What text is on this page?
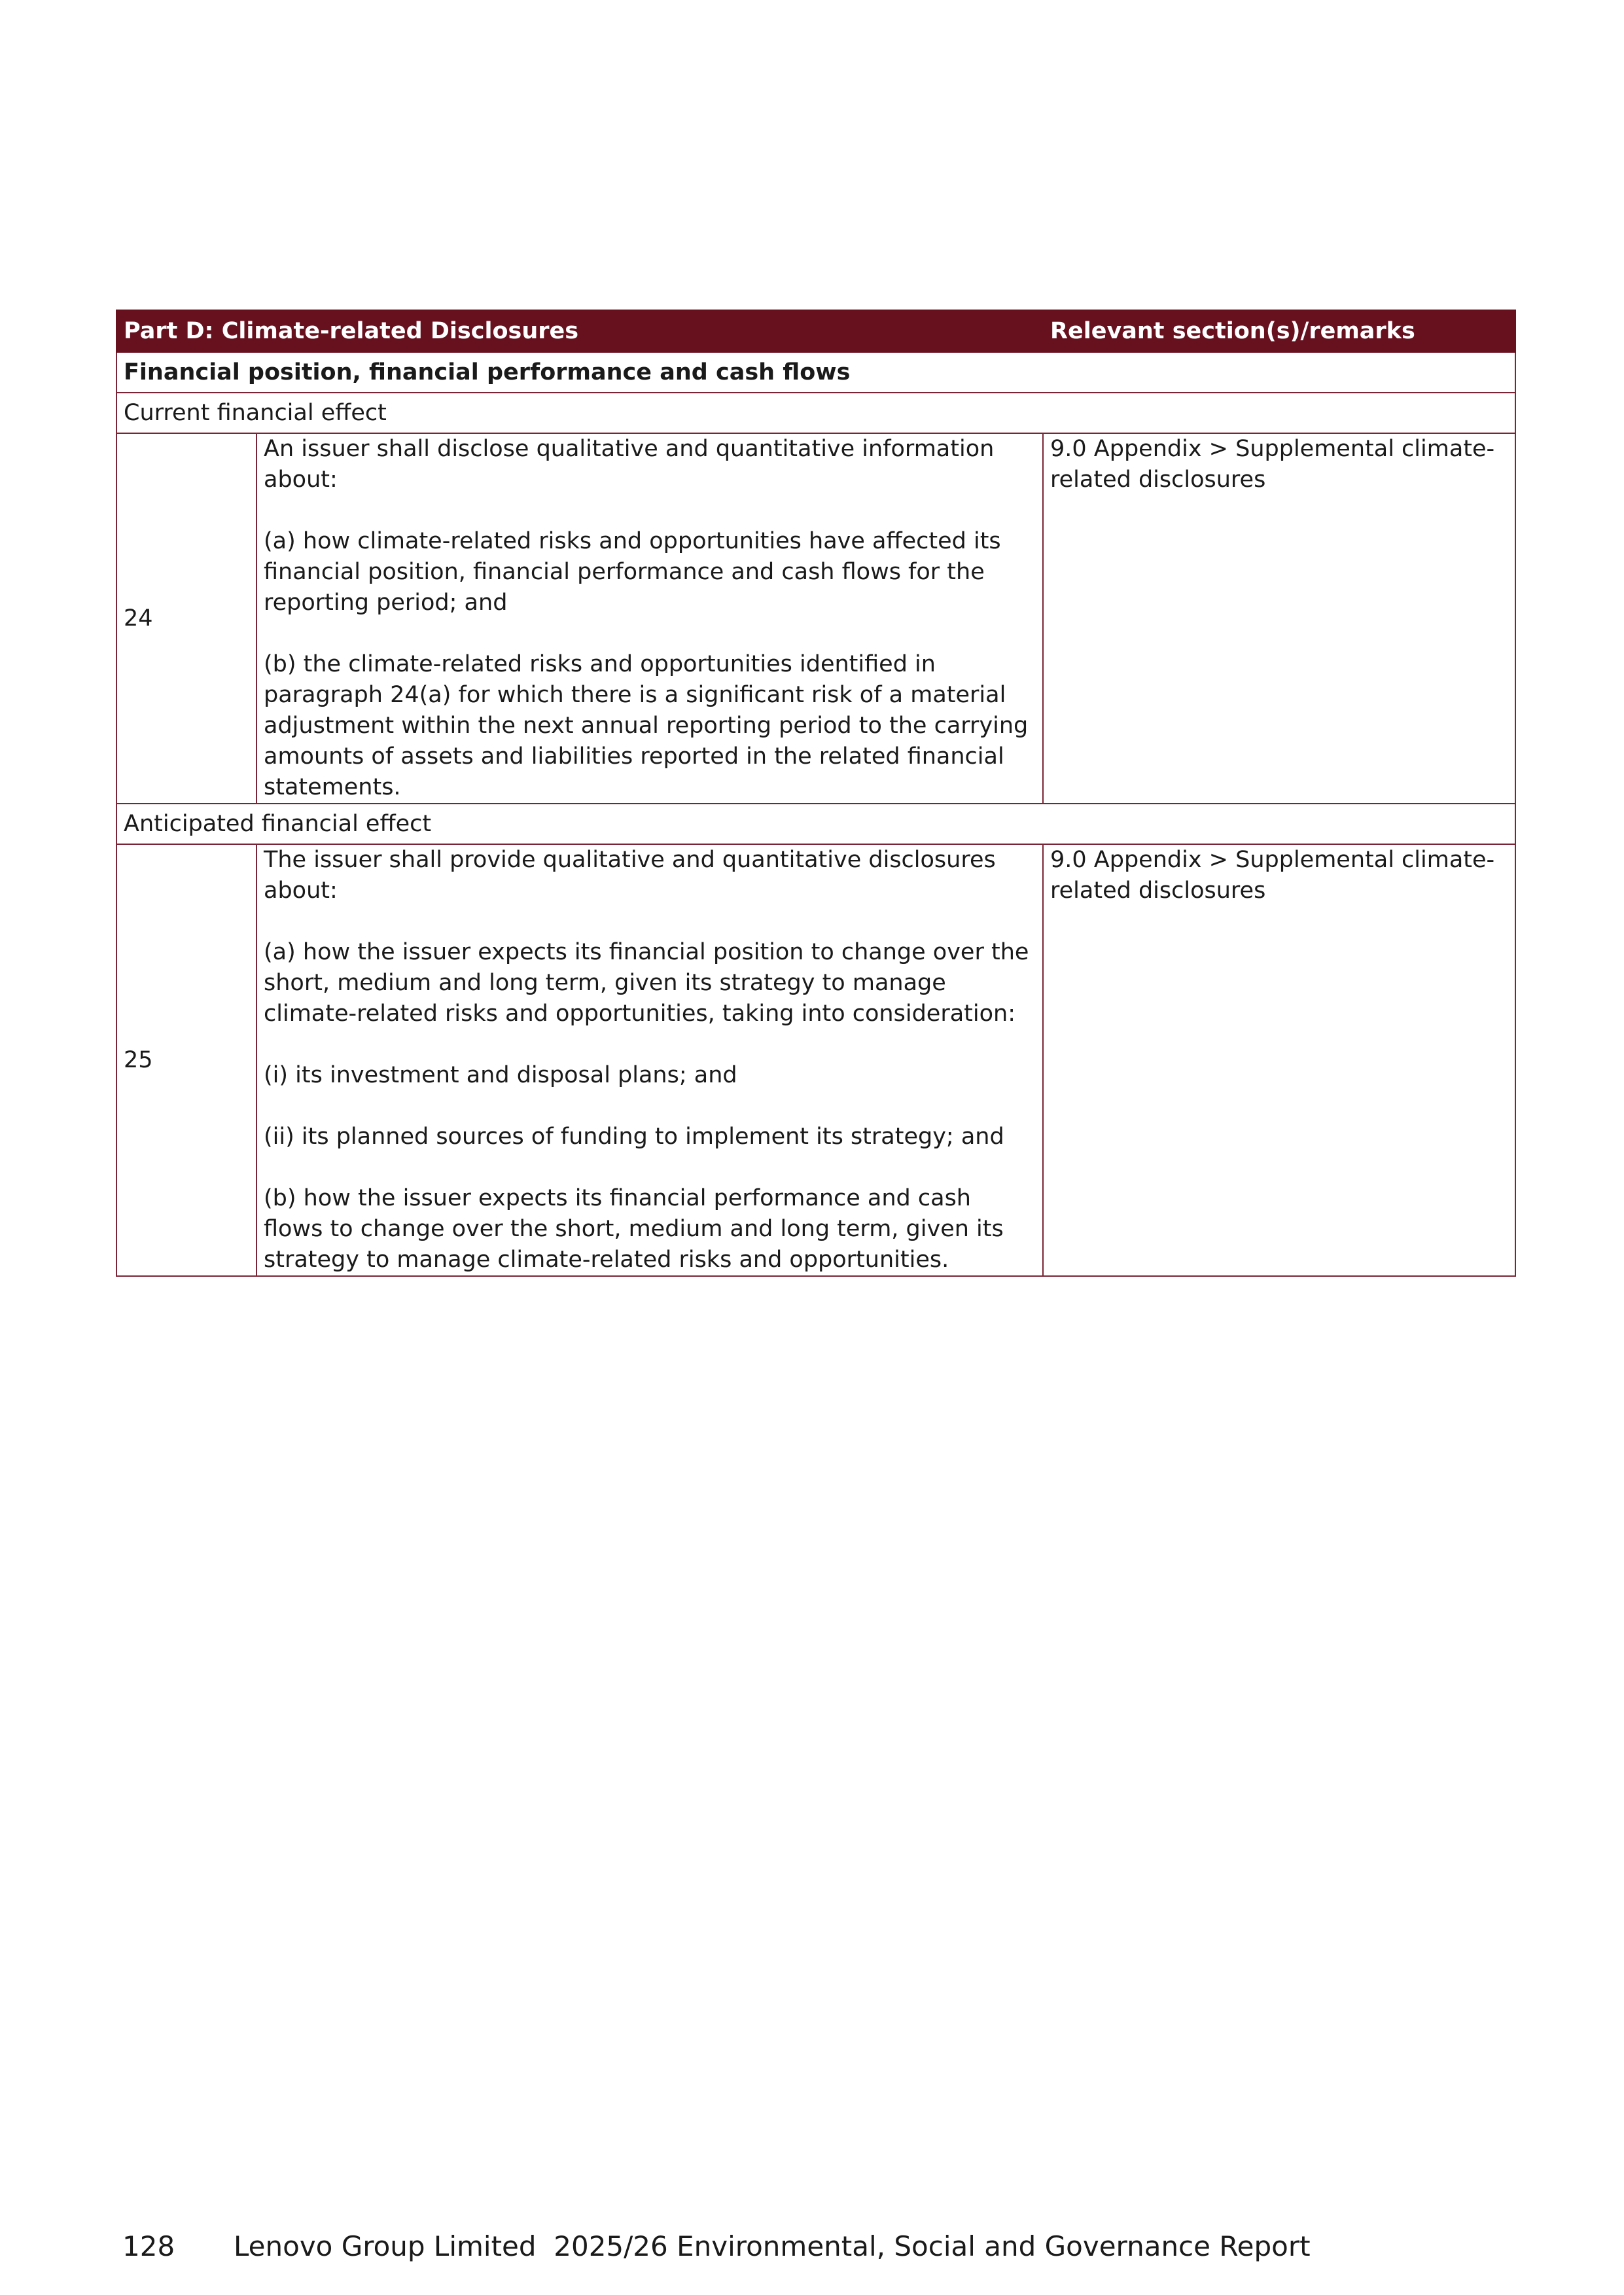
Part D: Climate-related Disclosures		Relevant section(s)/remarks
Financial position, financial performance and cash flows		
Current financial effect		
24	An issuer shall disclose qualitative and quantitative information about:

(a) how climate-related risks and opportunities have affected its financial position, financial performance and cash flows for the reporting period; and

(b) the climate-related risks and opportunities identified in paragraph 24(a) for which there is a significant risk of a material adjustment within the next annual reporting period to the carrying amounts of assets and liabilities reported in the related financial statements.	9.0 Appendix > Supplemental climate-related disclosures
Anticipated financial effect		
25	The issuer shall provide qualitative and quantitative disclosures about:

(a) how the issuer expects its financial position to change over the short, medium and long term, given its strategy to manage climate-related risks and opportunities, taking into consideration:

(i) its investment and disposal plans; and

(ii) its planned sources of funding to implement its strategy; and

(b) how the issuer expects its financial performance and cash flows to change over the short, medium and long term, given its strategy to manage climate-related risks and opportunities.	9.0 Appendix > Supplemental climate-related disclosures
128 Lenovo Group Limited  2025/26 Environmental, Social and Governance Report
